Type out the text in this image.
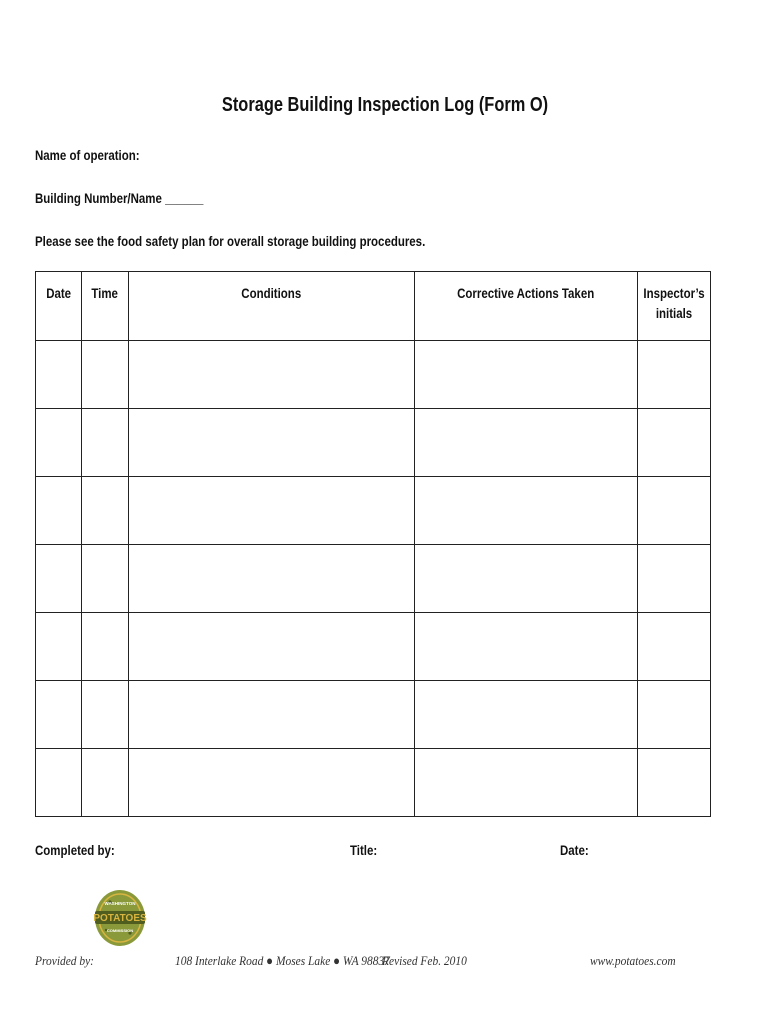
Storage Building Inspection Log (Form O)
Name of operation:
Building Number/Name ______
Please see the food safety plan for overall storage building procedures.
Date	Time	Conditions	Corrective Actions Taken	Inspector’s initials

Completed by:	Title:	Date:
WASHINGTON
POTATOES
COMMISSION
Provided by:	108 Interlake Road ● Moses Lake ● WA 98837
Revised Feb. 2010	www.potatoes.com
